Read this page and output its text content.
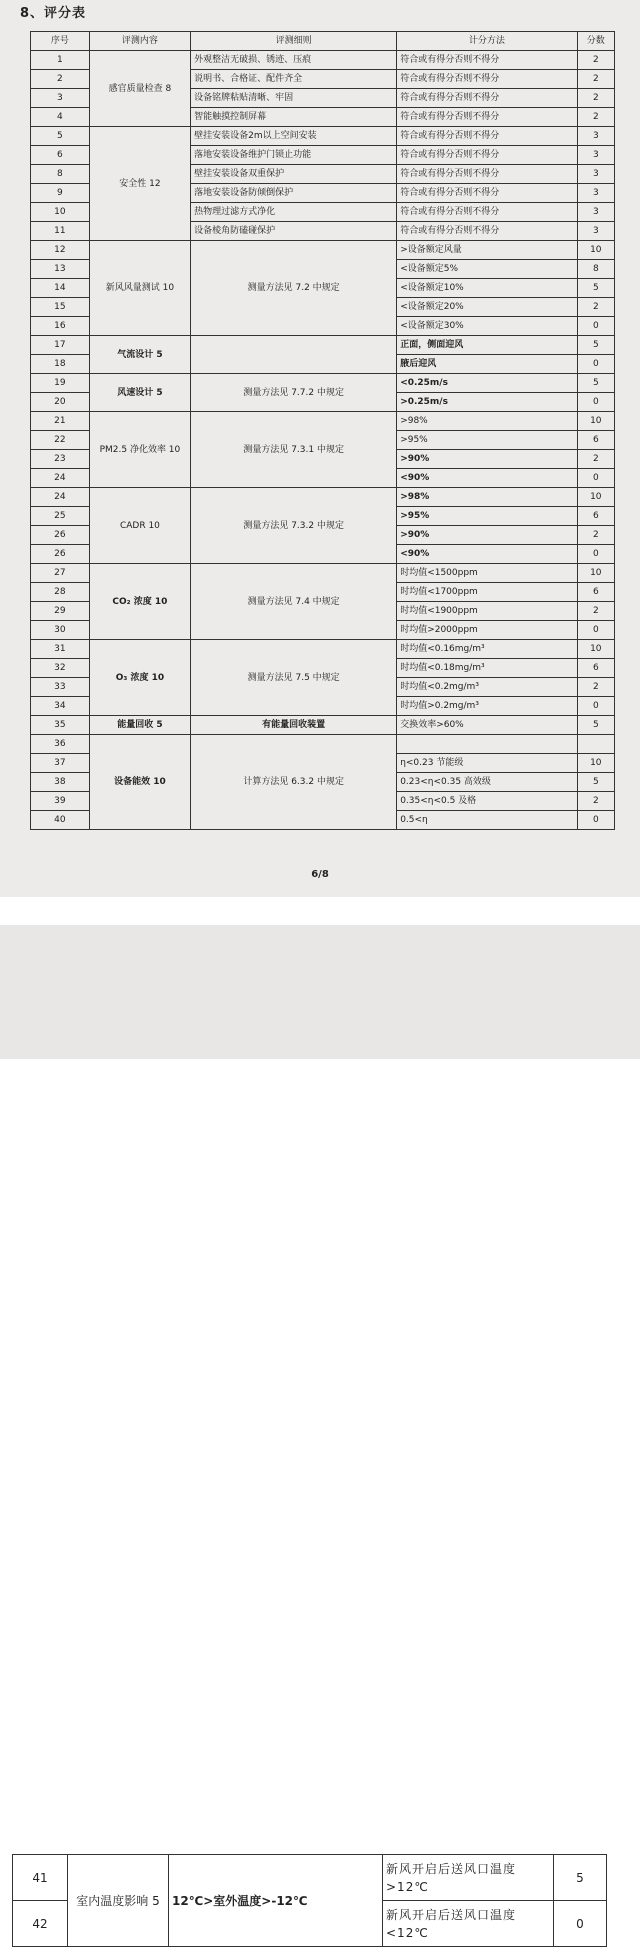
8、评分表
序号	评测内容	评测细则	计分方法	分数
1	感官质量检查 8	外观整洁无破损、锈迹、压痕	符合或有得分否则不得分	2
2		说明书、合格证、配件齐全	符合或有得分否则不得分	2
3		设备铭牌粘贴清晰、牢固	符合或有得分否则不得分	2
4		智能触摸控制屏幕	符合或有得分否则不得分	2
5	安全性 12	壁挂安装设备2m以上空间安装	符合或有得分否则不得分	3
6		落地安装设备维护门锁止功能	符合或有得分否则不得分	3
8		壁挂安装设备双重保护	符合或有得分否则不得分	3
9		落地安装设备防倾倒保护	符合或有得分否则不得分	3
10		热物理过滤方式净化	符合或有得分否则不得分	3
11		设备棱角防磕碰保护	符合或有得分否则不得分	3
12	新风风量测试 10	测量方法见 7.2 中规定	>设备额定风量	10
13			<设备额定5%	8
14			<设备额定10%	5
15			<设备额定20%	2
16			<设备额定30%	0
17	气流设计 5		正面，侧面迎风	5
18			腋后迎风	0
19	风速设计 5	测量方法见 7.7.2 中规定	<0.25m/s	5
20			>0.25m/s	0
21	PM2.5 净化效率 10	测量方法见 7.3.1 中规定	>98%	10
22			>95%	6
23			>90%	2
24			<90%	0
24	CADR 10	测量方法见 7.3.2 中规定	>98%	10
25			>95%	6
26			>90%	2
26			<90%	0
27	CO₂ 浓度 10	测量方法见 7.4 中规定	时均值<1500ppm	10
28			时均值<1700ppm	6
29			时均值<1900ppm	2
30			时均值>2000ppm	0
31	O₃ 浓度 10	测量方法见 7.5 中规定	时均值<0.16mg/m³	10
32			时均值<0.18mg/m³	6
33			时均值<0.2mg/m³	2
34			时均值>0.2mg/m³	0
35	能量回收 5	有能量回收装置	交换效率>60%	5
36	设备能效 10	计算方法见 6.3.2 中规定		
37			η<0.23 节能级	10
38			0.23<η<0.35 高效级	5
39			0.35<η<0.5 及格	2
40			0.5<η	0
6/8
41	室内温度影响 5	12℃>室外温度>-12℃	新风开启后送风口温度>12℃	5
42			新风开启后送风口温度<12℃	0
